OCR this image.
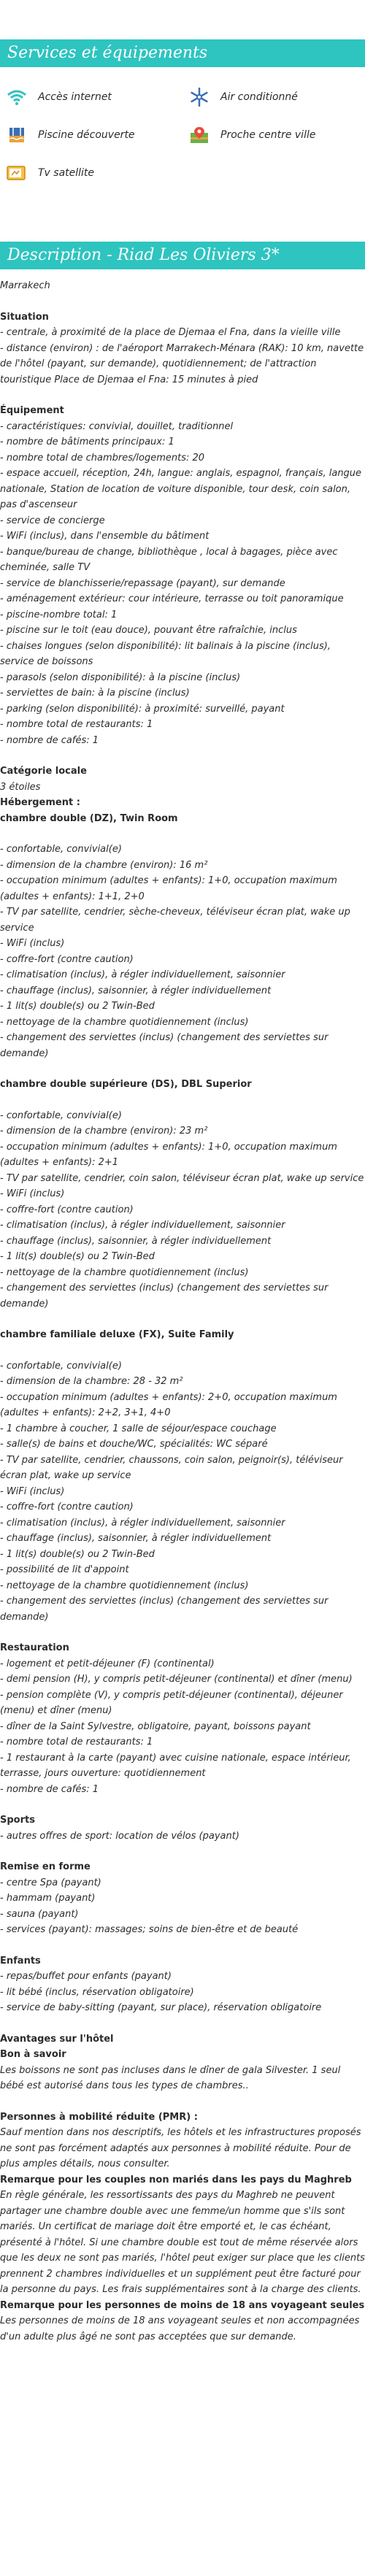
Services et équipements
Accès internet	Air conditionné
Piscine découverte	Proche centre ville
Tv satellite
Description - Riad Les Oliviers 3*

Marrakech

Situation

- centrale, à proximité de la place de Djemaa el Fna, dans la vieille ville

- distance (environ) : de l'aéroport Marrakech-Ménara (RAK): 10 km, navette de l'hôtel (payant, sur demande), quotidiennement; de l'attraction touristique Place de Djemaa el Fna: 15 minutes à pied

Équipement

- caractéristiques: convivial, douillet, traditionnel

- nombre de bâtiments principaux: 1

- nombre total de chambres/logements: 20

- espace accueil, réception, 24h, langue: anglais, espagnol, français, langue nationale, Station de location de voiture disponible, tour desk, coin salon, pas d'ascenseur

- service de concierge

- WiFi (inclus), dans l'ensemble du bâtiment

- banque/bureau de change, bibliothèque , local à bagages, pièce avec cheminée, salle TV

- service de blanchisserie/repassage (payant), sur demande

- aménagement extérieur: cour intérieure, terrasse ou toit panoramique

- piscine-nombre total: 1

- piscine sur le toit (eau douce), pouvant être rafraîchie, inclus

- chaises longues (selon disponibilité): lit balinais à la piscine (inclus), service de boissons

- parasols (selon disponibilité): à la piscine (inclus)

- serviettes de bain: à la piscine (inclus)

- parking (selon disponibilité): à proximité: surveillé, payant

- nombre total de restaurants: 1

- nombre de cafés: 1

Catégorie locale

3 étoiles

Hébergement :

chambre double (DZ), Twin Room

- confortable, convivial(e)

- dimension de la chambre (environ): 16 m²

- occupation minimum (adultes + enfants): 1+0, occupation maximum (adultes + enfants): 1+1, 2+0

- TV par satellite, cendrier, sèche-cheveux, téléviseur écran plat, wake up service

- WiFi (inclus)

- coffre-fort (contre caution)

- climatisation (inclus), à régler individuellement, saisonnier

- chauffage (inclus), saisonnier, à régler individuellement

- 1 lit(s) double(s) ou 2 Twin-Bed

- nettoyage de la chambre quotidiennement (inclus)

- changement des serviettes (inclus) (changement des serviettes sur demande)

chambre double supérieure (DS), DBL Superior

- confortable, convivial(e)

- dimension de la chambre (environ): 23 m²

- occupation minimum (adultes + enfants): 1+0, occupation maximum (adultes + enfants): 2+1

- TV par satellite, cendrier, coin salon, téléviseur écran plat, wake up service

- WiFi (inclus)

- coffre-fort (contre caution)

- climatisation (inclus), à régler individuellement, saisonnier

- chauffage (inclus), saisonnier, à régler individuellement

- 1 lit(s) double(s) ou 2 Twin-Bed

- nettoyage de la chambre quotidiennement (inclus)

- changement des serviettes (inclus) (changement des serviettes sur demande)

chambre familiale deluxe (FX), Suite Family

- confortable, convivial(e)

- dimension de la chambre: 28 - 32 m²

- occupation minimum (adultes + enfants): 2+0, occupation maximum (adultes + enfants): 2+2, 3+1, 4+0

- 1 chambre à coucher, 1 salle de séjour/espace couchage

- salle(s) de bains et douche/WC, spécialités: WC séparé

- TV par satellite, cendrier, chaussons, coin salon, peignoir(s), téléviseur écran plat, wake up service

- WiFi (inclus)

- coffre-fort (contre caution)

- climatisation (inclus), à régler individuellement, saisonnier

- chauffage (inclus), saisonnier, à régler individuellement

- 1 lit(s) double(s) ou 2 Twin-Bed

- possibilité de lit d'appoint

- nettoyage de la chambre quotidiennement (inclus)

- changement des serviettes (inclus) (changement des serviettes sur demande)

Restauration

- logement et petit-déjeuner (F) (continental)

- demi pension (H), y compris petit-déjeuner (continental) et dîner (menu)

- pension complète (V), y compris petit-déjeuner (continental), déjeuner (menu) et dîner (menu)

- dîner de la Saint Sylvestre, obligatoire, payant, boissons payant

- nombre total de restaurants: 1

- 1 restaurant à la carte (payant) avec cuisine nationale, espace intérieur, terrasse, jours ouverture: quotidiennement

- nombre de cafés: 1

Sports

- autres offres de sport: location de vélos (payant)

Remise en forme

- centre Spa (payant)

- hammam (payant)

- sauna (payant)

- services (payant): massages; soins de bien-être et de beauté

Enfants

- repas/buffet pour enfants (payant)

- lit bébé (inclus, réservation obligatoire)

- service de baby-sitting (payant, sur place), réservation obligatoire

Avantages sur l'hôtel

Bon à savoir

Les boissons ne sont pas incluses dans le dîner de gala Silvester. 1 seul bébé est autorisé dans tous les types de chambres..

Personnes à mobilité réduite (PMR) :

Sauf mention dans nos descriptifs, les hôtels et les infrastructures proposés ne sont pas forcément adaptés aux personnes à mobilité réduite. Pour de plus amples détails, nous consulter.

Remarque pour les couples non mariés dans les pays du Maghreb

En règle générale, les ressortissants des pays du Maghreb ne peuvent partager une chambre double avec une femme/un homme que s'ils sont mariés. Un certificat de mariage doit être emporté et, le cas échéant, présenté à l'hôtel. Si une chambre double est tout de même réservée alors que les deux ne sont pas mariés, l'hôtel peut exiger sur place que les clients prennent 2 chambres individuelles et un supplément peut être facturé pour la personne du pays. Les frais supplémentaires sont à la charge des clients.

Remarque pour les personnes de moins de 18 ans voyageant seules

Les personnes de moins de 18 ans voyageant seules et non accompagnées d'un adulte plus âgé ne sont pas acceptées que sur demande.
